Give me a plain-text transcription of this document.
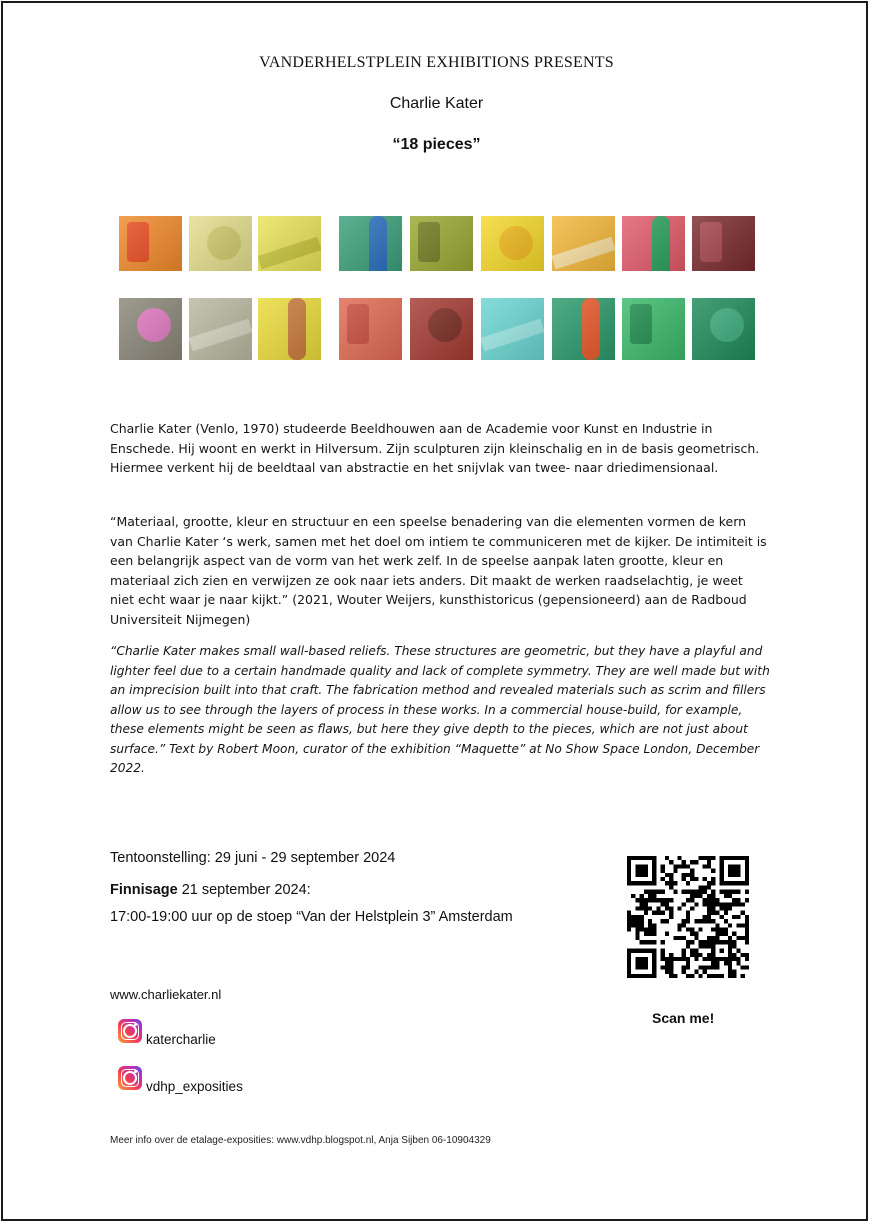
VANDERHELSTPLEIN EXHIBITIONS PRESENTS
Charlie Kater
“18 pieces”
Charlie Kater (Venlo, 1970) studeerde Beeldhouwen aan de Academie voor Kunst en Industrie in Enschede. Hij woont en werkt in Hilversum. Zijn sculpturen zijn kleinschalig en in de basis geometrisch. Hiermee verkent hij de beeldtaal van abstractie en het snijvlak van twee- naar driedimensionaal.
“Materiaal, grootte, kleur en structuur en een speelse benadering van die elementen vormen de kern van Charlie Kater ‘s werk, samen met het doel om intiem te communiceren met de kijker. De intimiteit is een belangrijk aspect van de vorm van het werk zelf. In de speelse aanpak laten grootte, kleur en materiaal zich zien en verwijzen ze ook naar iets anders. Dit maakt de werken raadselachtig, je weet niet echt waar je naar kijkt.” (2021, Wouter Weijers, kunsthistoricus (gepensioneerd) aan de Radboud Universiteit Nijmegen)
“Charlie Kater makes small wall-based reliefs. These structures are geometric, but they have a playful and lighter feel due to a certain handmade quality and lack of complete symmetry. They are well made but with an imprecision built into that craft. The fabrication method and revealed materials such as scrim and fillers allow us to see through the layers of process in these works. In a commercial house-build, for example, these elements might be seen as flaws, but here they give depth to the pieces, which are not just about surface.” Text by Robert Moon, curator of the exhibition “Maquette” at No Show Space London, December 2022.
Tentoonstelling: 29 juni - 29 september 2024
Finnisage 21 september 2024:
17:00-19:00 uur op de stoep “Van der Helstplein 3” Amsterdam
www.charliekater.nl
katercharlie
vdhp_exposities
Scan me!
Meer info over de etalage-exposities: www.vdhp.blogspot.nl, Anja Sijben 06-10904329
